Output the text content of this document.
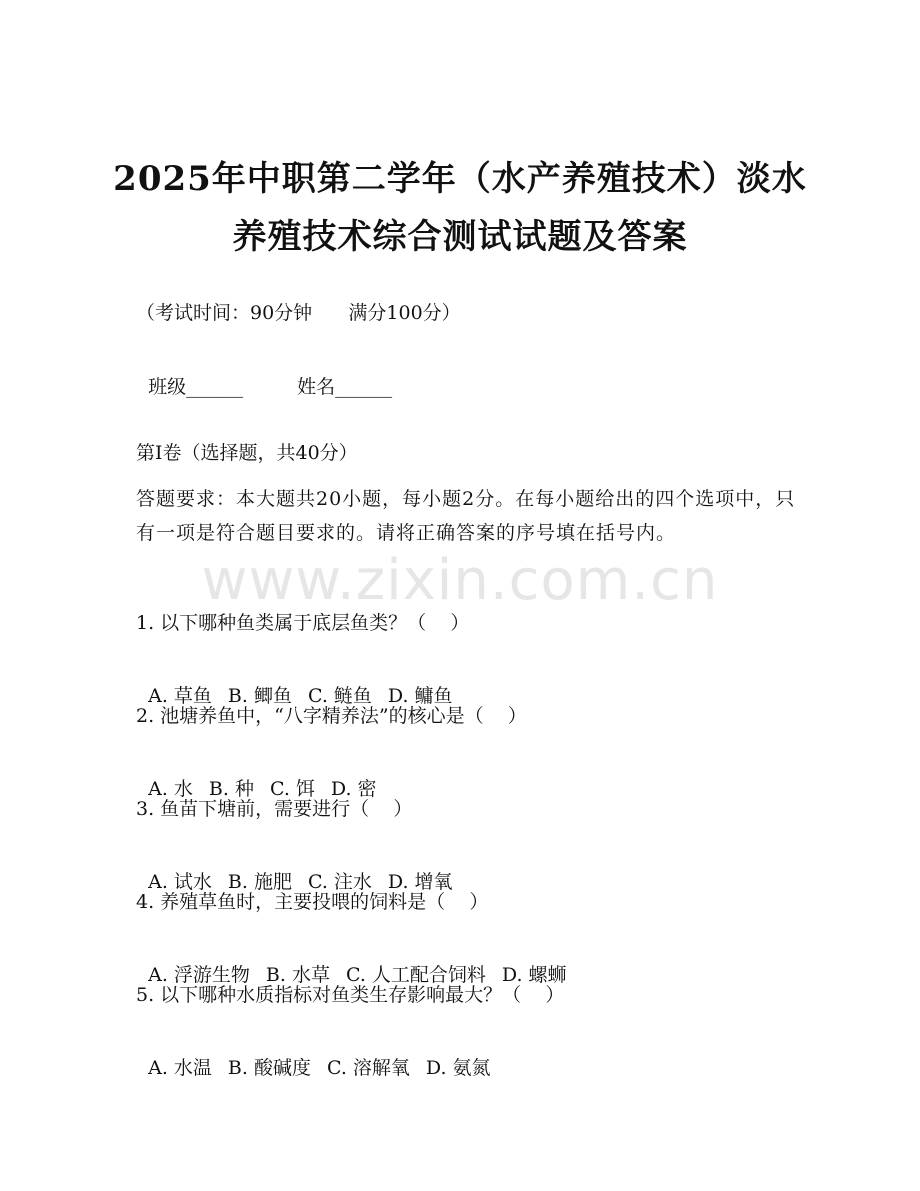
2025年中职第二学年（水产养殖技术）淡水
养殖技术综合测试试题及答案
（考试时间：90分钟      满分100分）

班级______	姓名______

第Ⅰ卷（选择题，共40分）
答题要求：本大题共20小题，每小题2分。在每小题给出的四个选项中，只有一项是符合题目要求的。请将正确答案的序号填在括号内。
www.zixin.com.cn
1. 以下哪种鱼类属于底层鱼类？（    ）

A. 草鱼 B. 鲫鱼 C. 鲢鱼 D. 鳙鱼

2. 池塘养鱼中，“八字精养法”的核心是（    ）

A. 水 B. 种 C. 饵 D. 密

3. 鱼苗下塘前，需要进行（    ）

A. 试水 B. 施肥 C. 注水 D. 增氧

4. 养殖草鱼时，主要投喂的饲料是（    ）

A. 浮游生物 B. 水草 C. 人工配合饲料 D. 螺蛳

5. 以下哪种水质指标对鱼类生存影响最大？（    ）

A. 水温 B. 酸碱度 C. 溶解氧 D. 氨氮
